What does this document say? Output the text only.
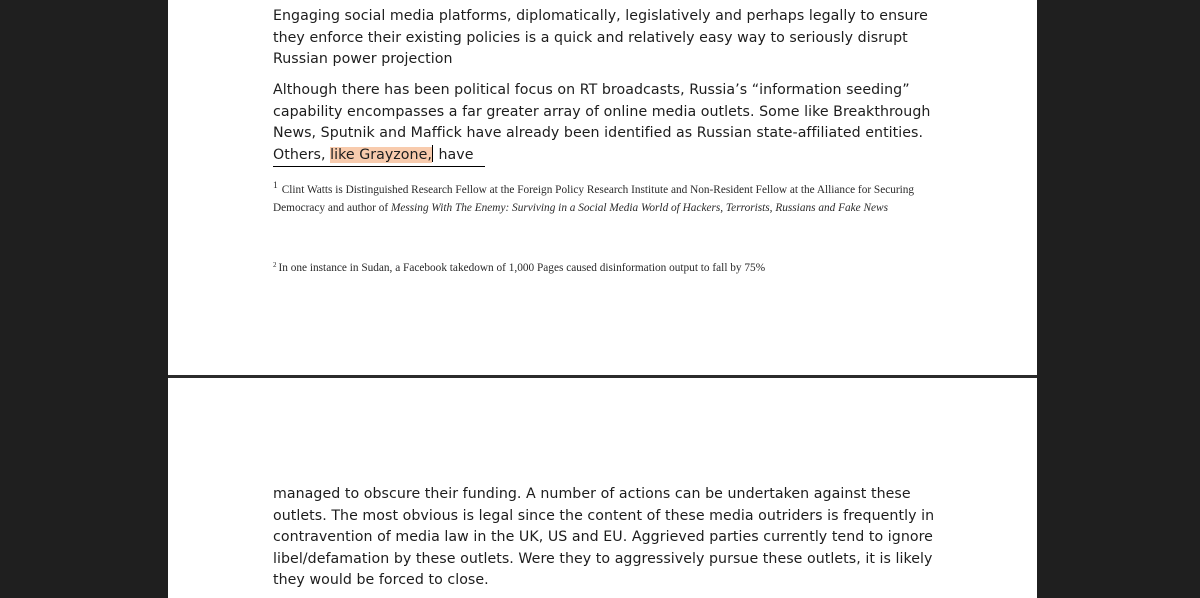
Engaging social media platforms, diplomatically, legislatively and perhaps legally to ensure they enforce their existing policies is a quick and relatively easy way to seriously disrupt Russian power projection

Although there has been political focus on RT broadcasts, Russia’s “information seeding” capability encompasses a far greater array of online media outlets. Some like Breakthrough News, Sputnik and Maffick have already been identified as Russian state-affiliated entities. Others, like Grayzone, have

$^1$ Clint Watts is Distinguished Research Fellow at the Foreign Policy Research Institute and Non-Resident Fellow at the Alliance for Securing Democracy and author of Messing With The Enemy: Surviving in a Social Media World of Hackers, Terrorists, Russians and Fake News

$^2$ In one instance in Sudan, a Facebook takedown of 1,000 Pages caused disinformation output to fall by 75%

managed to obscure their funding. A number of actions can be undertaken against these outlets. The most obvious is legal since the content of these media outriders is frequently in contravention of media law in the UK, US and EU. Aggrieved parties currently tend to ignore libel/defamation by these outlets. Were they to aggressively pursue these outlets, it is likely they would be forced to close.
